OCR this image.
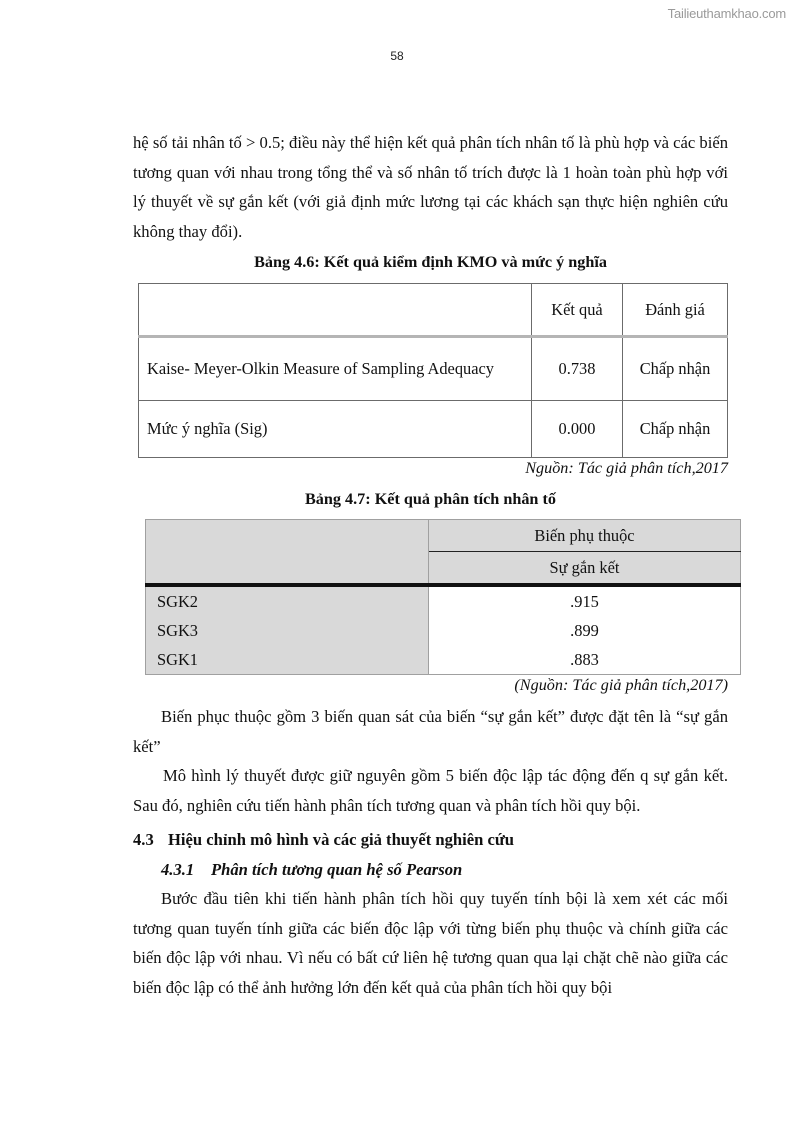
Tailieuthamkhao.com
58

hệ số tải nhân tố > 0.5; điều này thể hiện kết quả phân tích nhân tố là phù hợp và các biến tương quan với nhau trong tổng thể và số nhân tố trích được là 1 hoàn toàn phù hợp với lý thuyết về sự gắn kết (với giả định mức lương tại các khách sạn thực hiện nghiên cứu không thay đổi).

Bảng 4.6: Kết quả kiểm định KMO và mức ý nghĩa

	Kết quả	Đánh giá
Kaise- Meyer-Olkin Measure of Sampling Adequacy	0.738	Chấp nhận
Mức ý nghĩa (Sig)	0.000	Chấp nhận

Nguồn: Tác giả phân tích,2017

Bảng 4.7: Kết quả phân tích nhân tố

	Biến phụ thuộc
	Sự gắn kết
SGK2	.915
SGK3	.899
SGK1	.883

(Nguồn: Tác giả phân tích,2017)

Biến phục thuộc gồm 3 biến quan sát của biến “sự gắn kết” được đặt tên là “sự gắn kết”

Mô hình lý thuyết được giữ nguyên gồm 5 biến độc lập tác động đến q sự gắn kết. Sau đó, nghiên cứu tiến hành phân tích tương quan và phân tích hồi quy bội.

4.3 Hiệu chỉnh mô hình và các giả thuyết nghiên cứu

4.3.1 Phân tích tương quan hệ số Pearson

Bước đầu tiên khi tiến hành phân tích hồi quy tuyến tính bội là xem xét các mối tương quan tuyến tính giữa các biến độc lập với từng biến phụ thuộc và chính giữa các biến độc lập với nhau. Vì nếu có bất cứ liên hệ tương quan qua lại chặt chẽ nào giữa các biến độc lập có thể ảnh hưởng lớn đến kết quả của phân tích hồi quy bội
